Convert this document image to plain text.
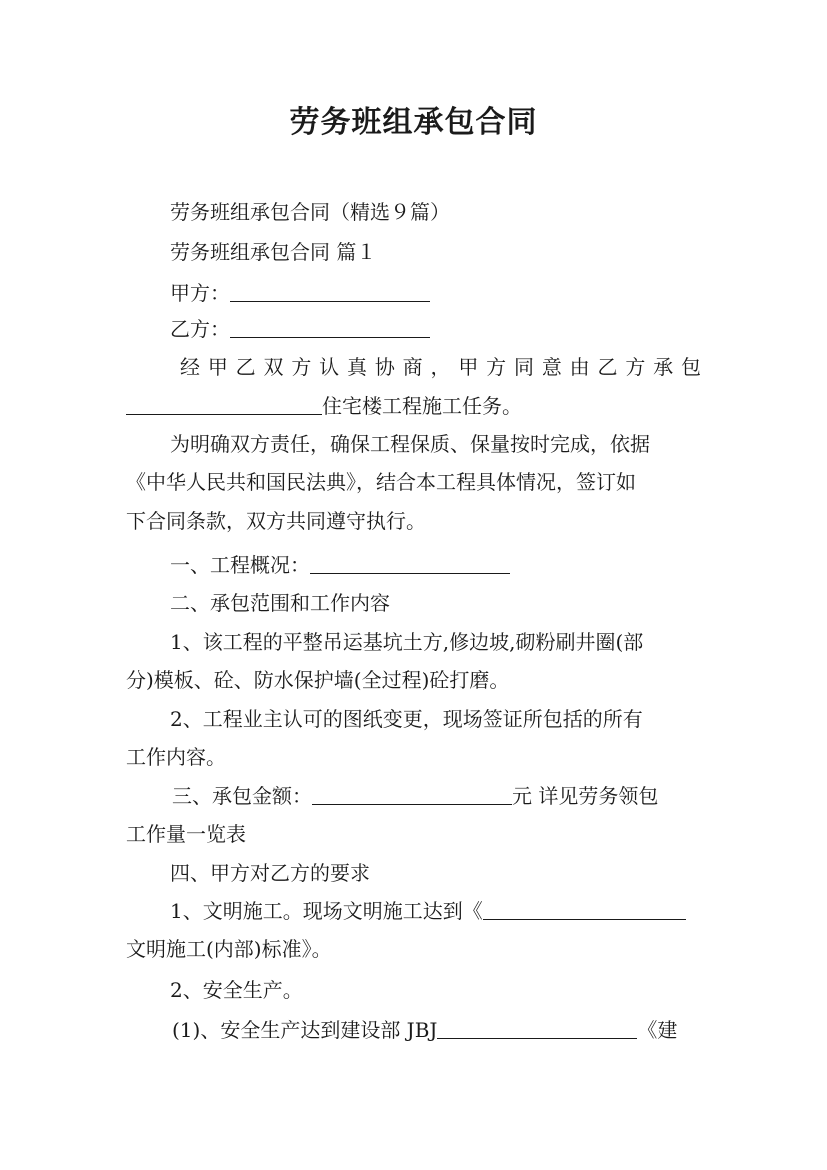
劳务班组承包合同
劳务班组承包合同（精选９篇）
劳务班组承包合同 篇１
甲方：
乙方：
经甲乙双方认真协商，甲方同意由乙方承包
住宅楼工程施工任务。
为明确双方责任，确保工程保质、保量按时完成，依据
《中华人民共和国民法典》，结合本工程具体情况，签订如
下合同条款，双方共同遵守执行。
一、工程概况：
二、承包范围和工作内容
1、该工程的平整吊运基坑土方,修边坡,砌粉刷井圈(部
分)模板、砼、防水保护墙(全过程)砼打磨。
2、工程业主认可的图纸变更，现场签证所包括的所有
工作内容。
三、承包金额：	元 详见劳务领包
工作量一览表
四、甲方对乙方的要求
1、文明施工。现场文明施工达到《
文明施工(内部)标准》。
2、安全生产。
(1)、安全生产达到建设部 JBJ	《建
